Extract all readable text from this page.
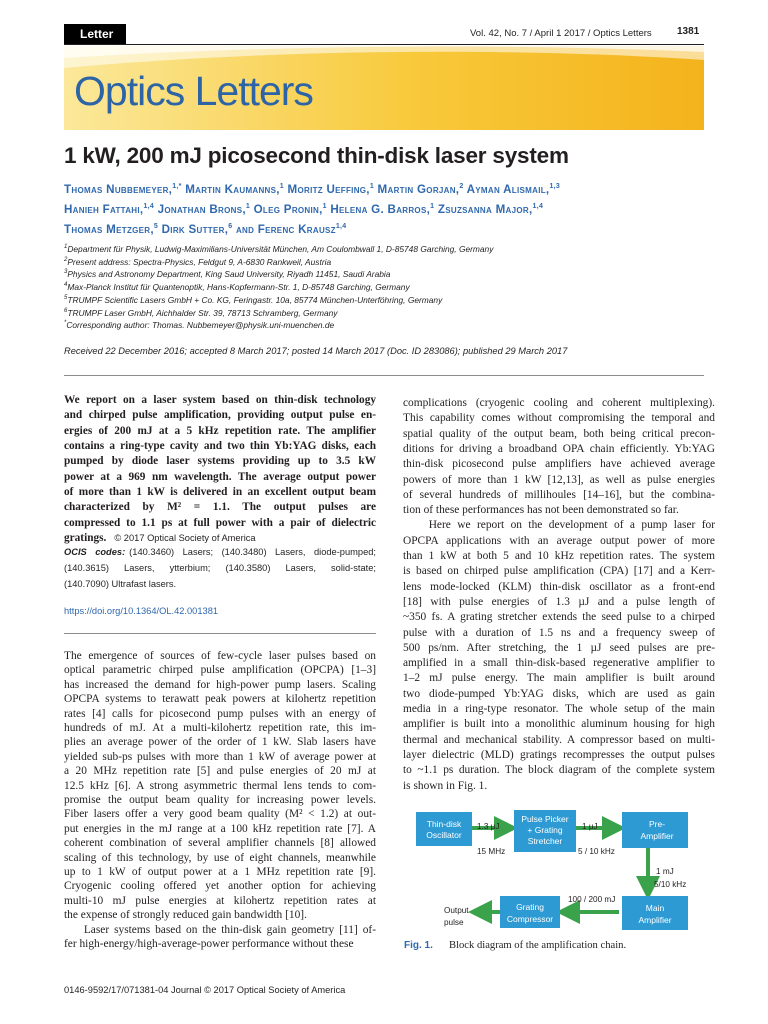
Letter	Vol. 42, No. 7 / April 1 2017 / Optics Letters	1381
Optics Letters
1 kW, 200 mJ picosecond thin-disk laser system
Thomas Nubbemeyer,$^{1,*}$ Martin Kaumanns,$^1$ Moritz Ueffing,$^1$ Martin Gorjan,$^2$ Ayman Alismail,$^{1,3}$
Hanieh Fattahi,$^{1,4}$ Jonathan Brons,$^1$ Oleg Pronin,$^1$ Helena G. Barros,$^1$ Zsuzsanna Major,$^{1,4}$
Thomas Metzger,$^5$ Dirk Sutter,$^6$ and Ferenc Krausz$^{1,4}$
$^1$Department für Physik, Ludwig-Maximilians-Universität München, Am Coulombwall 1, D-85748 Garching, Germany
$^2$Present address: Spectra-Physics, Feldgut 9, A-6830 Rankweil, Austria
$^3$Physics and Astronomy Department, King Saud University, Riyadh 11451, Saudi Arabia
$^4$Max-Planck Institut für Quantenoptik, Hans-Kopfermann-Str. 1, D-85748 Garching, Germany
$^5$TRUMPF Scientific Lasers GmbH + Co. KG, Feringastr. 10a, 85774 München-Unterföhring, Germany
$^6$TRUMPF Laser GmbH, Aichhalder Str. 39, 78713 Schramberg, Germany
*Corresponding author: Thomas. Nubbemeyer@physik.uni-muenchen.de
Received 22 December 2016; accepted 8 March 2017; posted 14 March 2017 (Doc. ID 283086); published 29 March 2017
We report on a laser system based on thin-disk technology
and chirped pulse amplification, providing output pulse en-
ergies of 200 mJ at a 5 kHz repetition rate. The amplifier
contains a ring-type cavity and two thin Yb:YAG disks, each
pumped by diode laser systems providing up to 3.5 kW
power at a 969 nm wavelength. The average output power
of more than 1 kW is delivered in an excellent output beam
characterized by M² = 1.1. The output pulses are
compressed to 1.1 ps at full power with a pair of dielectric
gratings. © 2017 Optical Society of America
OCIS codes: (140.3460) Lasers; (140.3480) Lasers, diode-pumped;
(140.3615) Lasers, ytterbium; (140.3580) Lasers, solid-state;
(140.7090) Ultrafast lasers.
https://doi.org/10.1364/OL.42.001381
The emergence of sources of few-cycle laser pulses based on
optical parametric chirped pulse amplification (OPCPA) [1–3]
has increased the demand for high-power pump lasers. Scaling
OPCPA systems to terawatt peak powers at kilohertz repetition
rates [4] calls for picosecond pump pulses with an energy of
hundreds of mJ. At a multi-kilohertz repetition rate, this im-
plies an average power of the order of 1 kW. Slab lasers have
yielded sub-ps pulses with more than 1 kW of average power at
a 20 MHz repetition rate [5] and pulse energies of 20 mJ at
12.5 kHz [6]. A strong asymmetric thermal lens tends to com-
promise the output beam quality for increasing power levels.
Fiber lasers offer a very good beam quality (M² < 1.2) at out-
put energies in the mJ range at a 100 kHz repetition rate [7]. A
coherent combination of several amplifier channels [8] allowed
scaling of this technology, by use of eight channels, meanwhile
up to 1 kW of output power at a 1 MHz repetition rate [9].
Cryogenic cooling offered yet another option for achieving
multi-10 mJ pulse energies at kilohertz repetition rates at
the expense of strongly reduced gain bandwidth [10].
Laser systems based on the thin-disk gain geometry [11] of-
fer high-energy/high-average-power performance without these
complications (cryogenic cooling and coherent multiplexing).
This capability comes without compromising the temporal and
spatial quality of the output beam, both being critical precon-
ditions for driving a broadband OPA chain efficiently. Yb:YAG
thin-disk picosecond pulse amplifiers have achieved average
powers of more than 1 kW [12,13], as well as pulse energies
of several hundreds of millihoules [14–16], but the combina-
tion of these performances has not been demonstrated so far.
Here we report on the development of a pump laser for
OPCPA applications with an average output power of more
than 1 kW at both 5 and 10 kHz repetition rates. The system
is based on chirped pulse amplification (CPA) [17] and a Kerr-
lens mode-locked (KLM) thin-disk oscillator as a front-end
[18] with pulse energies of 1.3 µJ and a pulse length of
~350 fs. A grating stretcher extends the seed pulse to a chirped
pulse with a duration of 1.5 ns and a frequency sweep of
500 ps/nm. After stretching, the 1 µJ seed pulses are pre-
amplified in a small thin-disk-based regenerative amplifier to
1–2 mJ pulse energy. The main amplifier is built around
two diode-pumped Yb:YAG disks, which are used as gain
media in a ring-type resonator. The whole setup of the main
amplifier is built into a monolithic aluminum housing for high
thermal and mechanical stability. A compressor based on multi-
layer dielectric (MLD) gratings recompresses the output pulses
to ~1.1 ps duration. The block diagram of the complete system
is shown in Fig. 1.
Thin-disk
Oscillator
Pulse Picker
+ Grating
Stretcher
Pre-
Amplifier
Main
Amplifier
Grating
Compressor
1.3 µJ
15 MHz
1 µJ
5 / 10 kHz
1 mJ
5/10 kHz
100 / 200 mJ
Output
pulse
Fig. 1. Block diagram of the amplification chain.
0146-9592/17/071381-04 Journal © 2017 Optical Society of America
